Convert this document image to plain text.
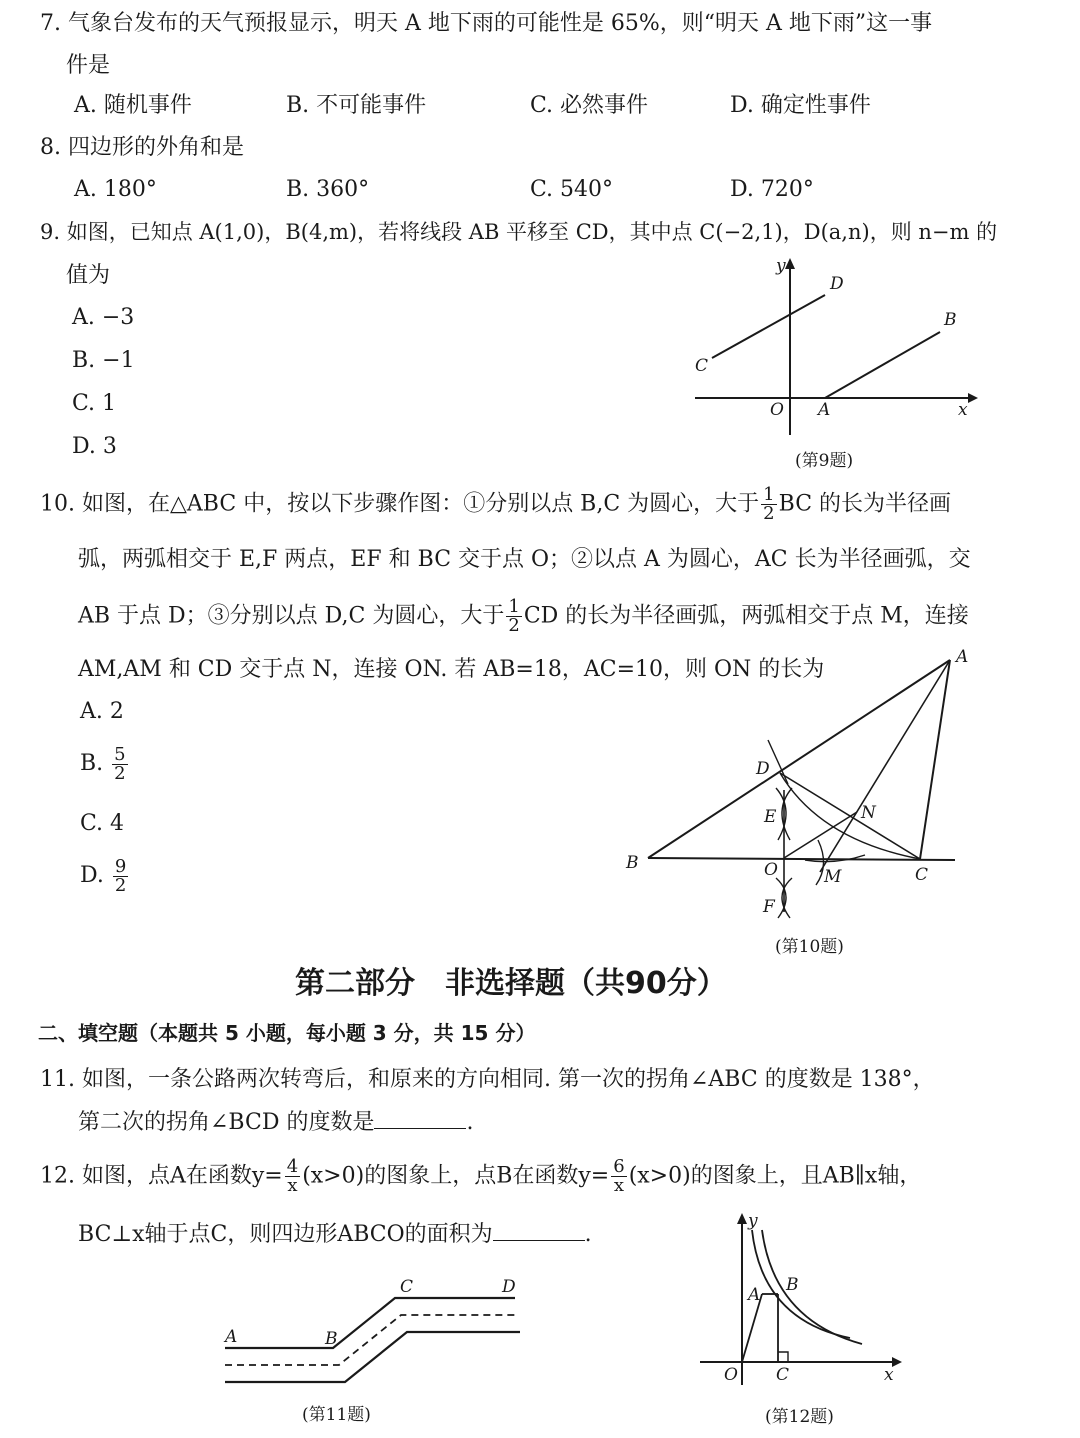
7. 气象台发布的天气预报显示，明天 A 地下雨的可能性是 65%，则“明天 A 地下雨”这一事
件是
A. 随机事件	B. 不可能事件	C. 必然事件	D. 确定性事件
8. 四边形的外角和是
A. 180°	B. 360°	C. 540°	D. 720°
9. 如图，已知点 A(1,0)，B(4,m)，若将线段 AB 平移至 CD，其中点 C(−2,1)，D(a,n)，则 n−m 的
值为
A. −3
B. −1
C. 1
D. 3
y
D
B
C
O A	x
(第9题)
10. 如图，在△ABC 中，按以下步骤作图：①分别以点 B,C 为圆心，大于 $\frac{1}{2}$ BC 的长为半径画
弧，两弧相交于 E,F 两点，EF 和 BC 交于点 O；②以点 A 为圆心，AC 长为半径画弧，交
AB 于点 D；③分别以点 D,C 为圆心，大于 $\frac{1}{2}$ CD 的长为半径画弧，两弧相交于点 M，连接
AM,AM 和 CD 交于点 N，连接 ON. 若 AB=18，AC=10，则 ON 的长为
A. 2
B. $\frac{5}{2}$
C. 4
D. $\frac{9}{2}$
A
B
C
D
E
F
O
N
M
(第10题)
第二部分　非选择题（共90分）
二、填空题（本题共 5 小题，每小题 3 分，共 15 分）
11. 如图，一条公路两次转弯后，和原来的方向相同. 第一次的拐角∠ABC 的度数是 138°，
第二次的拐角∠BCD 的度数是	.
12. 如图，点A在函数$y= \frac{4}{x} (x>0)$的图象上，点B在函数$y= \frac{6}{x} (x>0)$的图象上，且AB∥x轴，
BC⊥x轴于点C，则四边形ABCO的面积为	.
A	B
C	D
(第11题)
y
A B
O C	x
(第12题)
